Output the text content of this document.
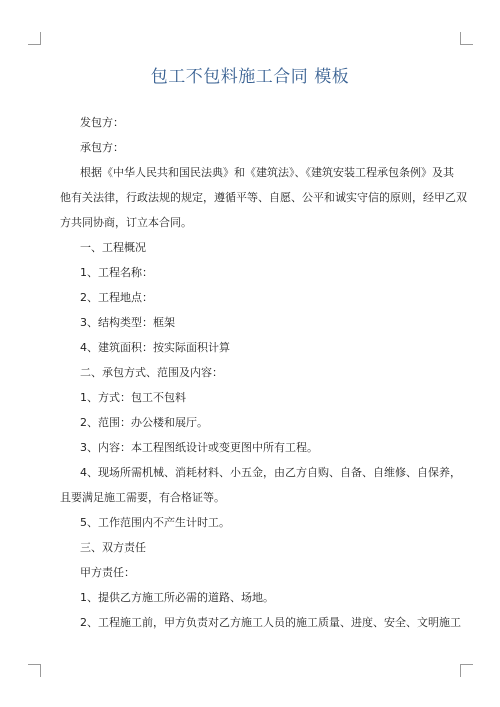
包工不包料施工合同 模板
发包方：
承包方：
根据《中华人民共和国民法典》和《建筑法》、《建筑安装工程承包条例》及其
他有关法律，行政法规的规定，遵循平等、自愿、公平和诚实守信的原则，经甲乙双
方共同协商，订立本合同。
一、工程概况
1、工程名称：
2、工程地点：
3、结构类型：框架
4、建筑面积：按实际面积计算
二、承包方式、范围及内容：
1、方式：包工不包料
2、范围：办公楼和展厅。
3、内容：本工程图纸设计或变更图中所有工程。
4、现场所需机械、消耗材料、小五金，由乙方自购、自备、自维修、自保养，
且要满足施工需要，有合格证等。
5、工作范围内不产生计时工。
三、双方责任
甲方责任：
1、提供乙方施工所必需的道路、场地。
2、工程施工前，甲方负责对乙方施工人员的施工质量、进度、安全、文明施工
